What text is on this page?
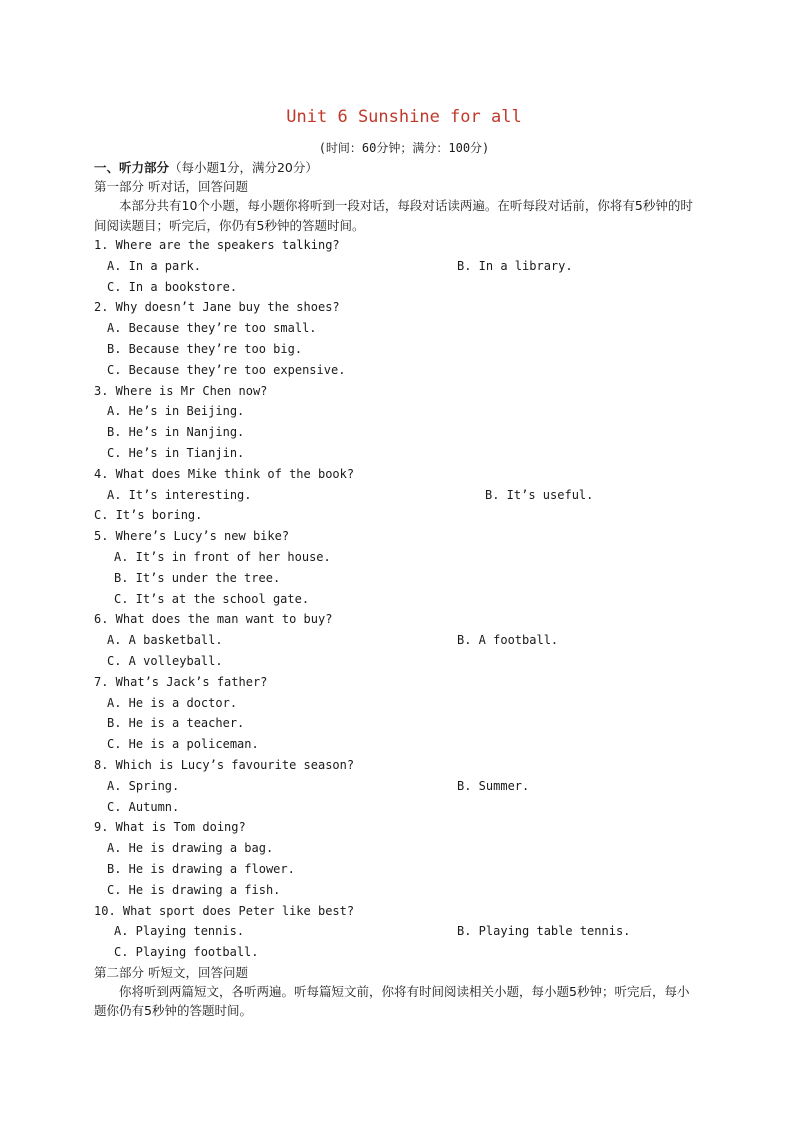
Unit 6 Sunshine for all
(时间：60分钟；满分：100分)
一、听力部分（每小题1分，满分20分）
第一部分 听对话，回答问题

本部分共有10个小题，每小题你将听到一段对话，每段对话读两遍。在听每段对话前，你将有5秒钟的时间阅读题目；听完后，你仍有5秒钟的答题时间。

1. Where are the speakers talking?

A. In a park.

	B. In a library.

C. In a bookstore.

2. Why doesn’t Jane buy the shoes?
A. Because they’re too small.
B. Because they’re too big.
C. Because they’re too expensive.
3. Where is Mr Chen now?
A. He’s in Beijing.
B. He’s in Nanjing.
C. He’s in Tianjin.
4. What does Mike think of the book?

A. It’s interesting.

	B. It’s useful.

C. It’s boring.

5. Where’s Lucy’s new bike?
A. It’s in front of her house.
B. It’s under the tree.
C. It’s at the school gate.
6. What does the man want to buy?

A. A basketball.

	B. A football.

C. A volleyball.

7. What’s Jack’s father?
A. He is a doctor.
B. He is a teacher.
C. He is a policeman.
8. Which is Lucy’s favourite season?

A. Spring.

	B. Summer.

C. Autumn.

9. What is Tom doing?
A. He is drawing a bag.
B. He is drawing a flower.
C. He is drawing a fish.
10. What sport does Peter like best?

A. Playing tennis.

	B. Playing table tennis.

C. Playing football.

第二部分 听短文，回答问题

你将听到两篇短文，各听两遍。听每篇短文前，你将有时间阅读相关小题，每小题5秒钟；听完后，每小题你仍有5秒钟的答题时间。
